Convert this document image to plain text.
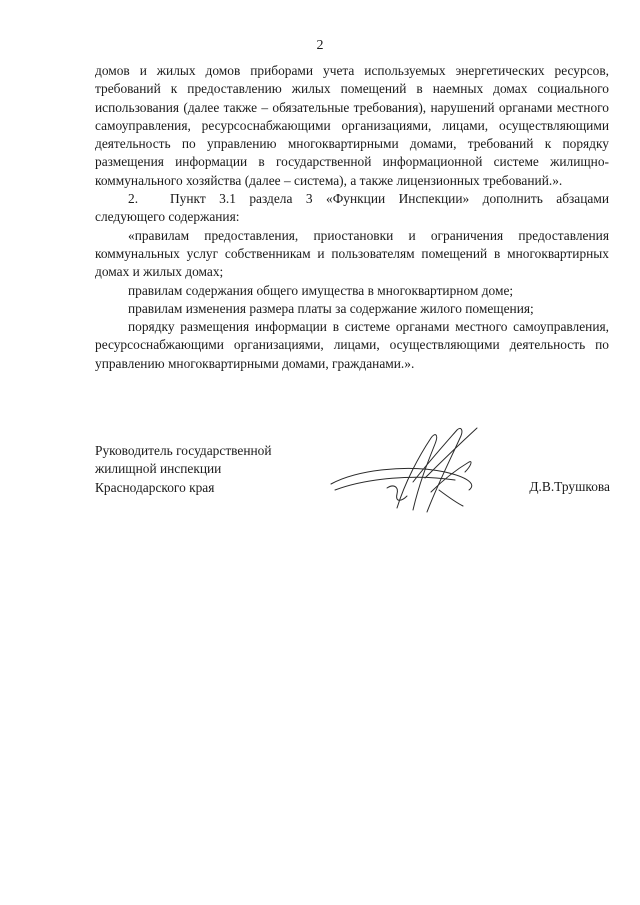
2

домов и жилых домов приборами учета используемых энергетических ресурсов, требований к предоставлению жилых помещений в наемных домах социального использования (далее также – обязательные требования), нарушений органами местного самоуправления, ресурсоснабжающими организациями, лицами, осуществляющими деятельность по управлению многоквартирными домами, требований к порядку размещения информации в государственной информационной системе жилищно-коммунального хозяйства (далее – система), а также лицензионных требований.».

2. Пункт 3.1 раздела 3 «Функции Инспекции» дополнить абзацами следующего содержания:

«правилам предоставления, приостановки и ограничения предоставления коммунальных услуг собственникам и пользователям помещений в многоквартирных домах и жилых домах;

правилам содержания общего имущества в многоквартирном доме;

правилам изменения размера платы за содержание жилого помещения;

порядку размещения информации в системе органами местного самоуправления, ресурсоснабжающими организациями, лицами, осуществляющими деятельность по управлению многоквартирными домами, гражданами.».

Руководитель государственной
жилищной инспекции
Краснодарского края	Д.В.Трушкова
